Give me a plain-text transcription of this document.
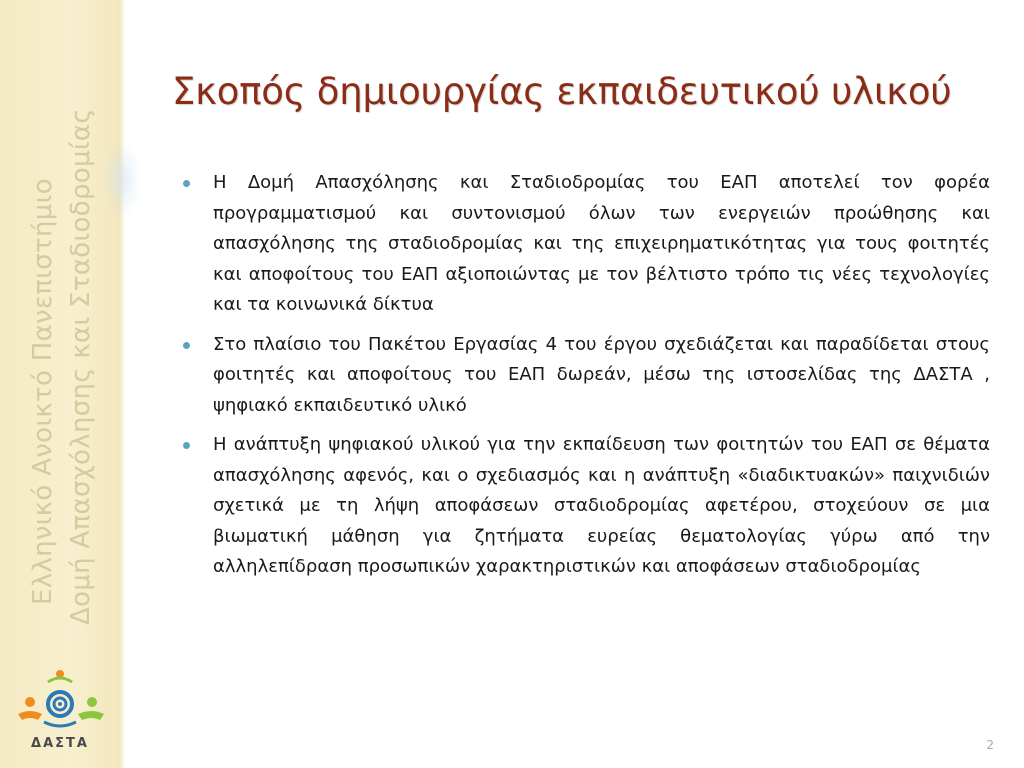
Ελληνικό Ανοικτό Πανεπιστήμιο Δομή Απασχόλησης και Σταδιοδρομίας
ΔΑΣΤΑ
Σκοπός δημιουργίας εκπαιδευτικού υλικού
Η Δομή Απασχόλησης και Σταδιοδρομίας του ΕΑΠ αποτελεί τον φορέα προγραμματισμού και συντονισμού όλων των ενεργειών προώθησης και απασχόλησης της σταδιοδρομίας και της επιχειρηματικότητας για τους φοιτητές και αποφοίτους του ΕΑΠ αξιοποιώντας με τον βέλτιστο τρόπο τις νέες τεχνολογίες και τα κοινωνικά δίκτυα
Στο πλαίσιο του Πακέτου Εργασίας 4 του έργου σχεδιάζεται και παραδίδεται στους φοιτητές και αποφοίτους του ΕΑΠ δωρεάν, μέσω της ιστοσελίδας της ΔΑΣΤΑ , ψηφιακό εκπαιδευτικό υλικό
Η ανάπτυξη ψηφιακού υλικού για την εκπαίδευση των φοιτητών του ΕΑΠ σε θέματα απασχόλησης αφενός, και ο σχεδιασμός και η ανάπτυξη «διαδικτυακών» παιχνιδιών σχετικά με τη λήψη αποφάσεων σταδιοδρομίας αφετέρου, στοχεύουν σε μια βιωματική μάθηση για ζητήματα ευρείας θεματολογίας γύρω από την αλληλεπίδραση προσωπικών χαρακτηριστικών και αποφάσεων σταδιοδρομίας
2
